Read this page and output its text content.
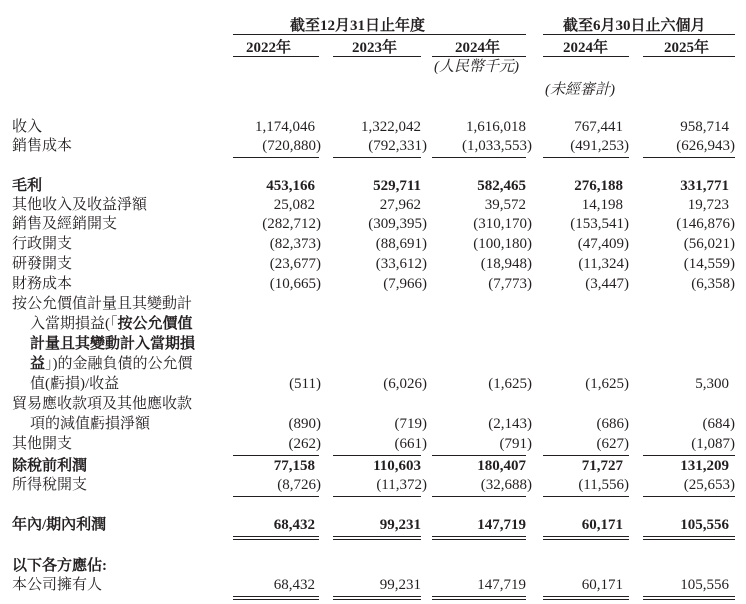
截至12月31日止年度	截至6月30日止六個月
2022年	2023年	2024年	2024年	2025年
(人民幣千元)
(未經審計)
收入	1,174,046	1,322,042	1,616,018	767,441	958,714
銷售成本	(720,880)	(792,331) (1,033,553)	(491,253)	(626,943)
毛利	453,166	529,711	582,465	276,188	331,771
其他收入及收益淨額	25,082	27,962	39,572	14,198	19,723
銷售及經銷開支	(282,712)	(309,395)	(310,170)	(153,541)	(146,876)
行政開支	(82,373)	(88,691)	(100,180)	(47,409)	(56,021)
研發開支	(23,677)	(33,612)	(18,948)	(11,324)	(14,559)
財務成本	(10,665)	(7,966)	(7,773)	(3,447)	(6,358)
按公允價值計量且其變動計
入當期損益(「按公允價值
計量且其變動計入當期損
益」)的金融負債的公允價
值(虧損)/收益	(511)	(6,026)	(1,625)	(1,625)	5,300
貿易應收款項及其他應收款
項的減值虧損淨額	(890)	(719)	(2,143)	(686)	(684)
其他開支	(262)	(661)	(791)	(627)	(1,087)
除稅前利潤	77,158	110,603	180,407	71,727	131,209
所得稅開支	(8,726)	(11,372)	(32,688)	(11,556)	(25,653)
年內/期內利潤	68,432	99,231	147,719	60,171	105,556
以下各方應佔:
本公司擁有人	68,432	99,231	147,719	60,171	105,556
